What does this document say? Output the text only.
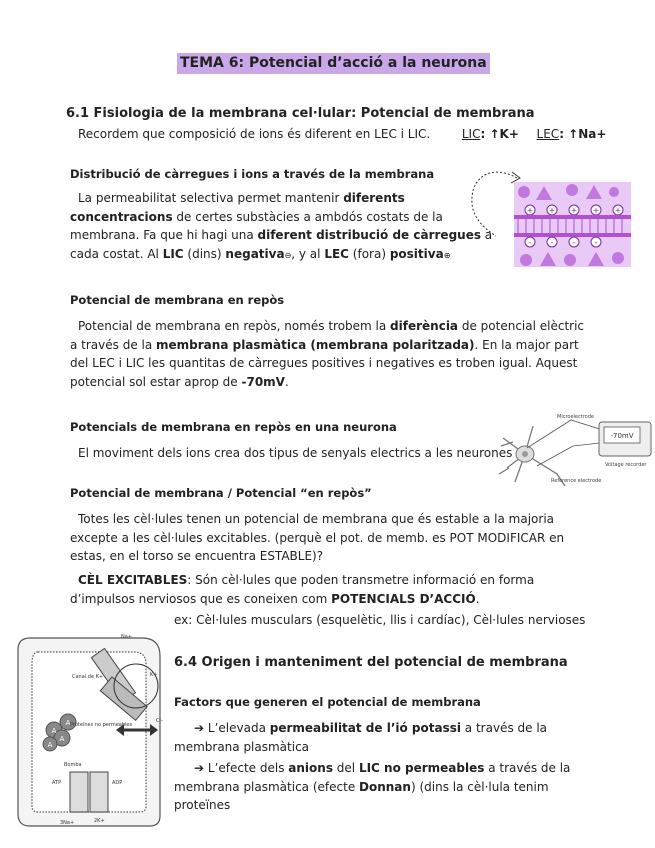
TEMA 6: Potencial d’acció a la neurona
6.1 Fisiologia de la membrana cel·lular: Potencial de membrana
Recordem que composició de ions és diferent en LEC i LIC.	LIC: ↑K+ LEC: ↑Na+
Distribució de càrregues i ions a través de la membrana

La permeabilitat selectiva permet mantenir diferents concentracions de certes substàcies a ambdós costats de la membrana. Fa que hi hagi una diferent distribució de càrregues a cada costat. Al LIC (dins) negativa⊖, y al LEC (fora) positiva⊕

+ + + + +
- - - -
Potencial de membrana en repòs

Potencial de membrana en repòs, només trobem la diferència de potencial elèctric a través de la membrana plasmàtica (membrana polaritzada). En la major part del LEC i LIC les quantitas de càrregues positives i negatives es troben igual. Aquest potencial sol estar aprop de -70mV.

Potencials de membrana en repòs en una neurona

El moviment dels ions crea dos tipus de senyals electrics a les neurones

-70mV
Microelectrode
Voltage recorder
Reference electrode
Potencial de membrana / Potencial “en repòs”

Totes les cèl·lules tenen un potencial de membrana que és estable a la majoria excepte a les cèl·lules excitables. (perquè el pot. de memb. es POT MODIFICAR en estas, en el torso se encuentra ESTABLE)?

CÈL EXCITABLES: Són cèl·lules que poden transmetre informació en forma d’impulsos nerviosos que es coneixen com POTENCIALS D’ACCIÓ.

ex: Cèl·lules musculars (esquelètic, llis i cardíac), Cèl·lules nervioses

6.4 Origen i manteniment del potencial de membrana
Factors que generen el potencial de membrana

➔ L’elevada permeabilitat de l’ió potassi a través de la membrana plasmàtica

➔ L’efecte dels anions del LIC no permeables a través de la membrana plasmàtica (efecte Donnan) (dins la cèl·lula tenim proteïnes

A
A
A
A
Na+
K+
Cl-
Proteïnes no permeables
Canal de K+
Bomba
ATP	ADP
3Na+	2K+
